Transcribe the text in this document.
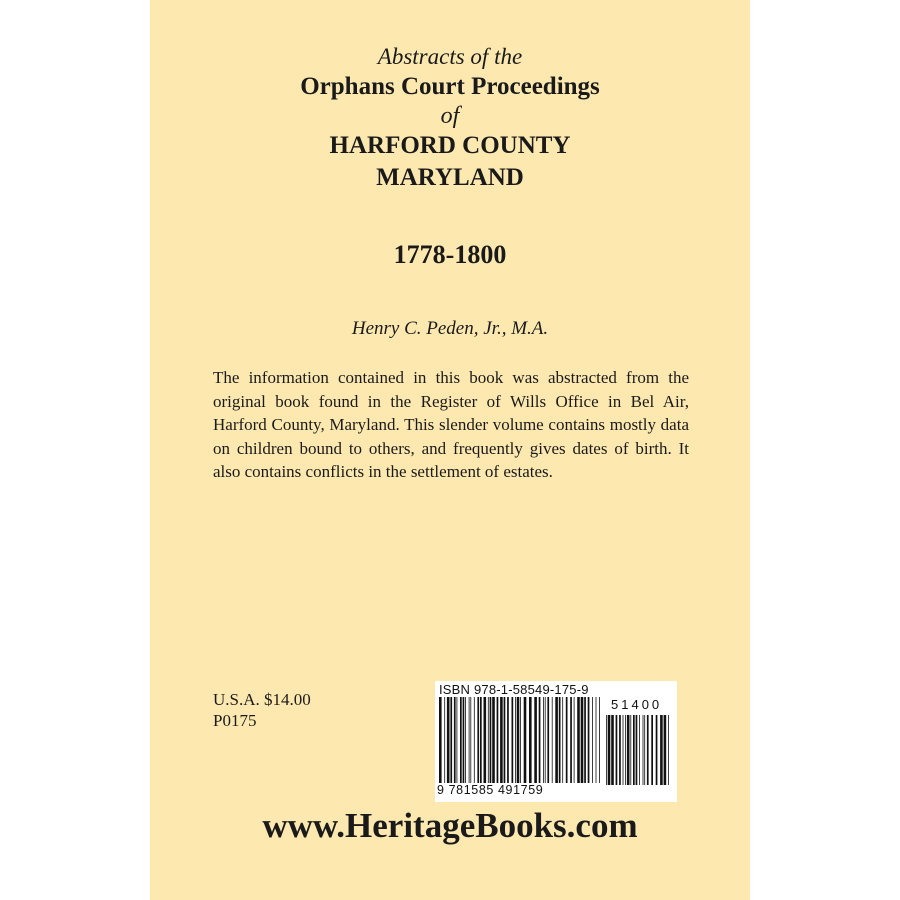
Abstracts of the
Orphans Court Proceedings
of
HARFORD COUNTY
MARYLAND
1778-1800
Henry C. Peden, Jr., M.A.
The information contained in this book was abstracted from the original book found in the Register of Wills Office in Bel Air, Harford County, Maryland. This slender volume contains mostly data on children bound to others, and frequently gives dates of birth. It also contains conflicts in the settlement of estates.
U.S.A. $14.00
P0175
ISBN 978-1-58549-175-9
51400
9 781585 491759
www.HeritageBooks.com
